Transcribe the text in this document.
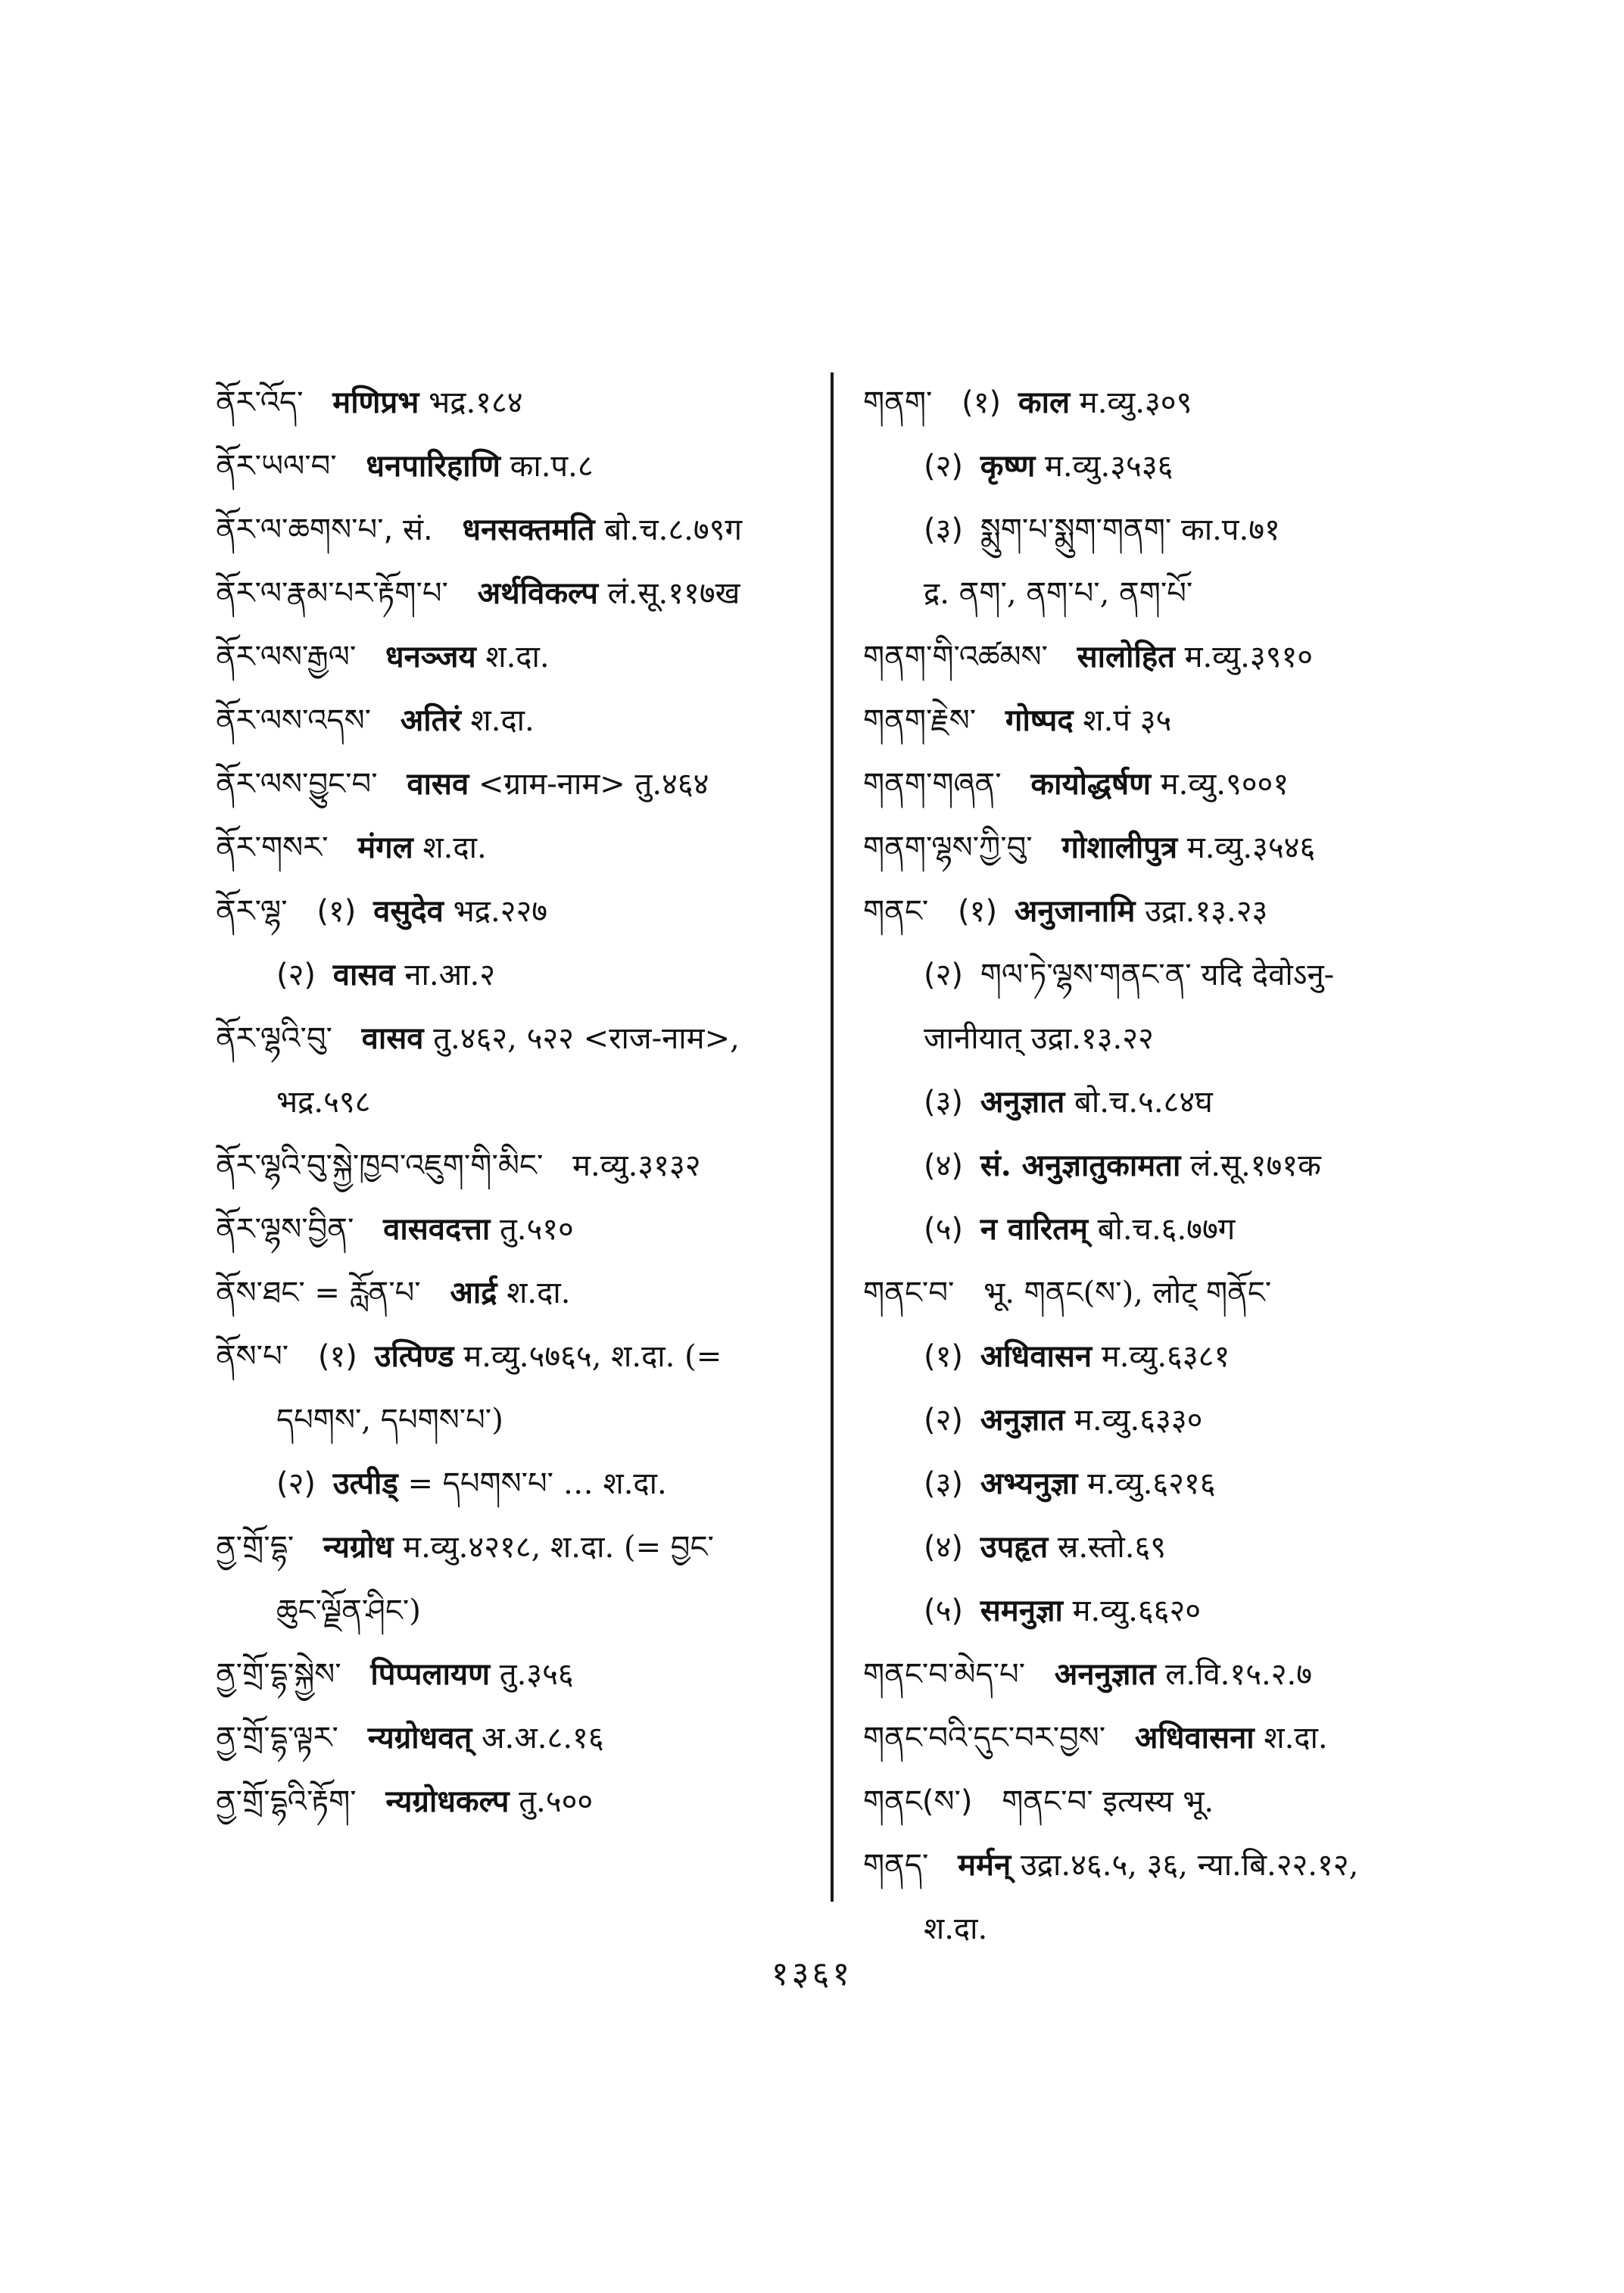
ནོར་འོད་ मणिप्रभ भद्र.१८४
ནོར་ཡལ་བ་ धनपारिहाणि का.प.८
ནོར་ལ་ཆགས་པ་, सं. धनसक्तमति बो.च.८.७९ग
ནོར་ལ་རྣམ་པར་རྟོག་པ་ अर्थविकल्प लं.सू.११७ख
ནོར་ལས་རྒྱལ་ धनञ्जय श.दा.
ནོར་ལས་འདས་ अतिरं श.दा.
ནོར་ལས་བྱུང་བ་ वासव <ग्राम-नाम> तु.४६४
ནོར་གསར་ मंगल श.दा.
ནོར་ལྷ་ (१) वसुदेव भद्र.२२७
(२) वासव ना.आ.२
ནོར་ལྷའི་བུ་ वासव तु.४६२, ५२२ <राज-नाम>,
भद्र.५९८
ནོར་ལྷའི་བུ་སྐྱེ་ཁྱབ་འཇུག་གི་མིང་ म.व्यु.३१३२
ནོར་ལྷས་བྱིན་ वासवदत्ता तु.५१०
ནོས་ཐང་ = རློན་པ་ आर्द्र श.दा.
ནོས་པ་ (१) उत्पिण्ड म.व्यु.५७६५, श.दा. (=
དཔགས་, དཔགས་པ་)
(२) उत्पीड् = དཔགས་པ་ … श.दा.
ནྱ་གྲོ་དྷ་ न्यग्रोध म.व्यु.४२१८, श.दा. (= བྱང་
ཆུང་ལྗོན་ཤིང་)
ནྱ་གྲོ་དྷ་སྐྱེས་ पिप्पलायण तु.३५६
ནྱ་གྲོ་དྷ་ལྟར་ न्यग्रोधवत् अ.अ.८.१६
ནྱ་གྲོ་དྷའི་རྟོག་ न्यग्रोधकल्प तु.५००
གནག་ (१) काल म.व्यु.३०९
(२) कृष्ण म.व्यु.३५३६
(३) སྨུག་པ་སྨུག་གནག་ का.प.७१
द्र. ནག་, ནག་པ་, ནག་པོ་
གནག་གི་འཚམས་ सालोहित म.व्यु.३९१०
གནག་རྗེས་ गोष्पद श.पं ३५
གནག་གཞན་ कायोद्धर्षण म.व्यु.९००१
གནག་ལྷས་ཀྱི་བུ་ गोशालीपुत्र म.व्यु.३५४६
གནང་ (१) अनुजानामि उद्रा.१३.२३
(२) གལ་ཏེ་ལྷས་གནང་ན་ यदि देवोऽनु-
जानीयात् उद्रा.१३.२२
(३) अनुज्ञात बो.च.५.८४घ
(४) सं. अनुज्ञातुकामता लं.सू.१७१क
(५) न वारितम् बो.च.६.७७ग
གནང་བ་ भू. གནང(ས་), लोट् གནོང་
(१) अधिवासन म.व्यु.६३८१
(२) अनुज्ञात म.व्यु.६३३०
(३) अभ्यनुज्ञा म.व्यु.६२१६
(४) उपहृत स्र.स्तो.६९
(५) समनुज्ञा म.व्यु.६६२०
གནང་བ་མེད་པ་ अननुज्ञात ल.वि.१५.२.७
གནང་བའི་དུང་བར་བྱས་ अधिवासना श.दा.
གནང(ས་) གནང་བ་ इत्यस्य भू.
གནད་ मर्मन् उद्रा.४६.५, ३६, न्या.बि.२२.१२,
श.दा.
१३६१
